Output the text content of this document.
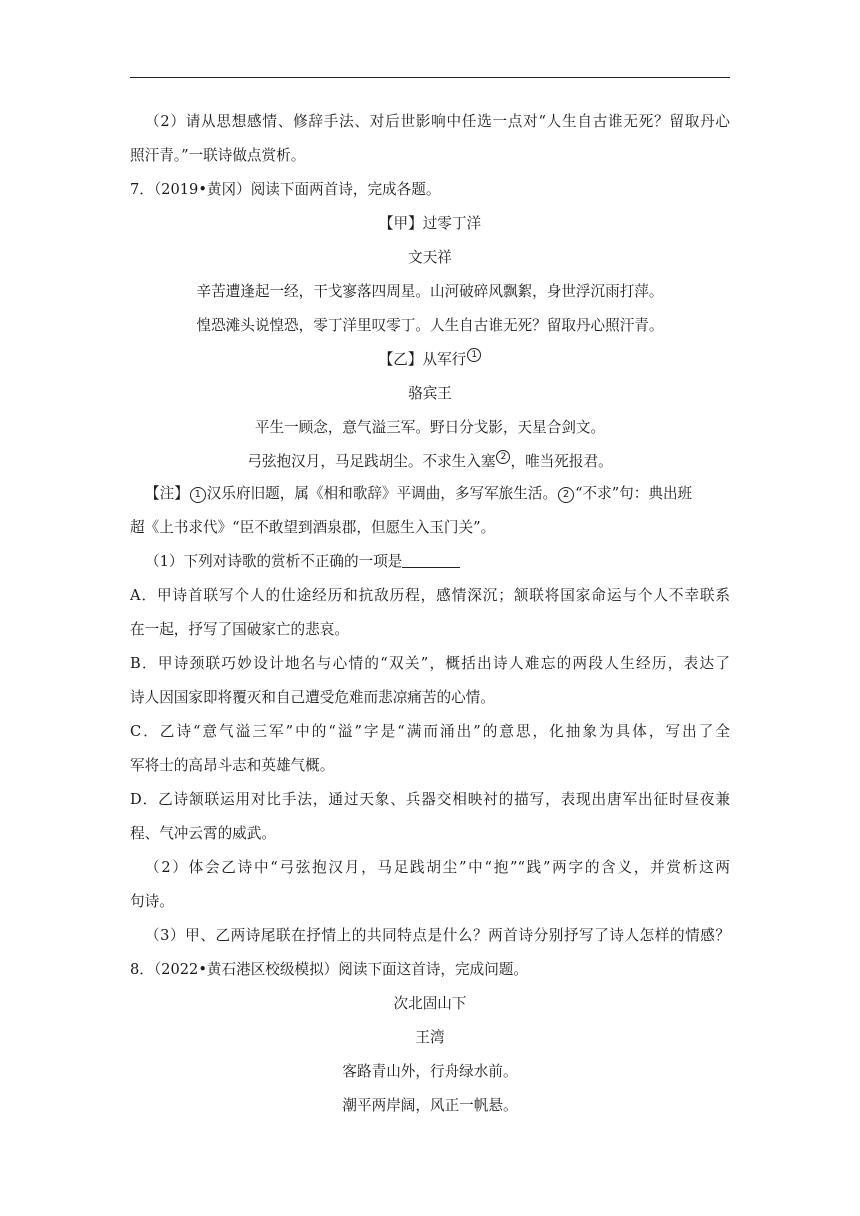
（2）请从思想感情、修辞手法、对后世影响中任选一点对“人生自古谁无死？留取丹心
照汗青。”一联诗做点赏析。
7．（2019•黄冈）阅读下面两首诗，完成各题。
【甲】过零丁洋
文天祥
辛苦遭逢起一经，干戈寥落四周星。山河破碎风飘絮，身世浮沉雨打萍。
惶恐滩头说惶恐，零丁洋里叹零丁。人生自古谁无死？留取丹心照汗青。
【乙】从军行 1
骆宾王
平生一顾念，意气溢三军。野日分戈影，天星合剑文。
弓弦抱汉月，马足践胡尘。不求生入塞 2 ，唯当死报君。
【注】 1 汉乐府旧题，属《相和歌辞》平调曲，多写军旅生活。 2 “不求”句：典出班
超《上书求代》“臣不敢望到酒泉郡，但愿生入玉门关”。
（1）下列对诗歌的赏析不正确的一项是
A．甲诗首联写个人的仕途经历和抗敌历程，感情深沉；颔联将国家命运与个人不幸联系
在一起，抒写了国破家亡的悲哀。
B．甲诗颈联巧妙设计地名与心情的“双关”，概括出诗人难忘的两段人生经历，表达了
诗人因国家即将覆灭和自己遭受危难而悲凉痛苦的心情。
C．乙诗“意气溢三军”中的“溢”字是“满而涌出”的意思，化抽象为具体，写出了全
军将士的高昂斗志和英雄气概。
D．乙诗颔联运用对比手法，通过天象、兵器交相映衬的描写，表现出唐军出征时昼夜兼
程、气冲云霄的威武。
（2）体会乙诗中“弓弦抱汉月，马足践胡尘”中“抱”“践”两字的含义，并赏析这两
句诗。
（3）甲、乙两诗尾联在抒情上的共同特点是什么？两首诗分别抒写了诗人怎样的情感？
8．（2022•黄石港区校级模拟）阅读下面这首诗，完成问题。
次北固山下
王湾
客路青山外，行舟绿水前。
潮平两岸阔，风正一帆悬。
